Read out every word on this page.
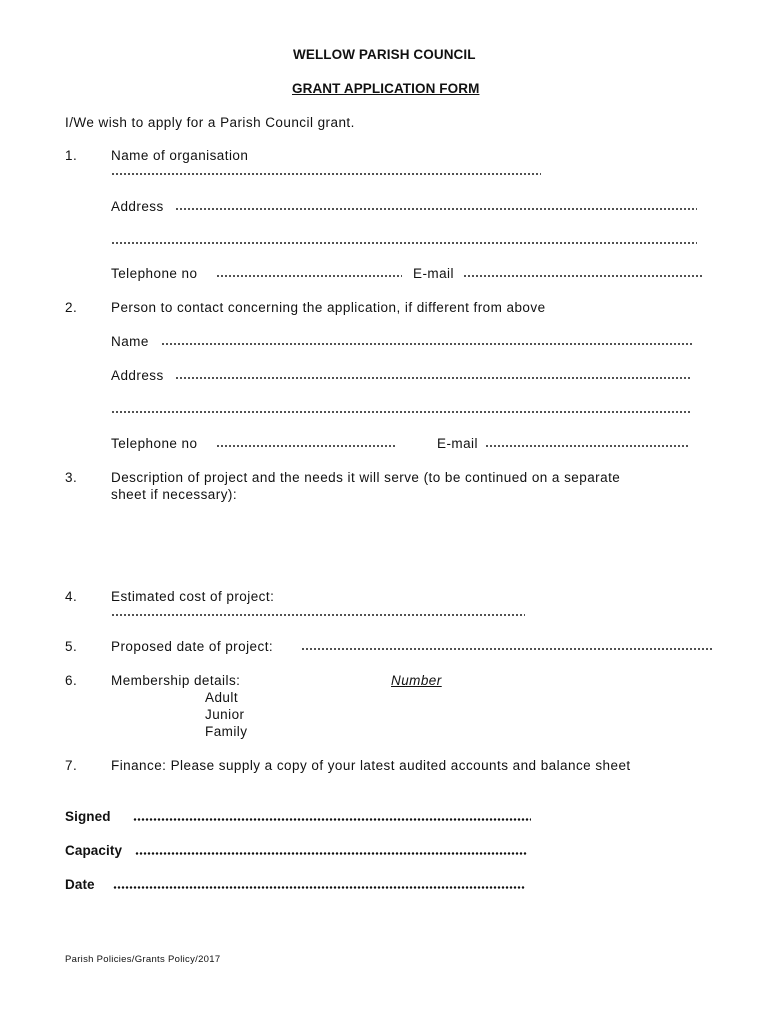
WELLOW PARISH COUNCIL
GRANT APPLICATION FORM
I/We wish to apply for a Parish Council grant.
1.	Name of organisation
Address
Telephone no	E-mail
2.	Person to contact concerning the application, if different from above
Name
Address
Telephone no	E-mail
3.	Description of project and the needs it will serve (to be continued on a separate
sheet if necessary):
4.	Estimated cost of project:
5.	Proposed date of project:
6.	Membership details:	Number
Adult
Junior
Family
7.	Finance: Please supply a copy of your latest audited accounts and balance sheet
Signed
Capacity
Date
Parish Policies/Grants Policy/2017
